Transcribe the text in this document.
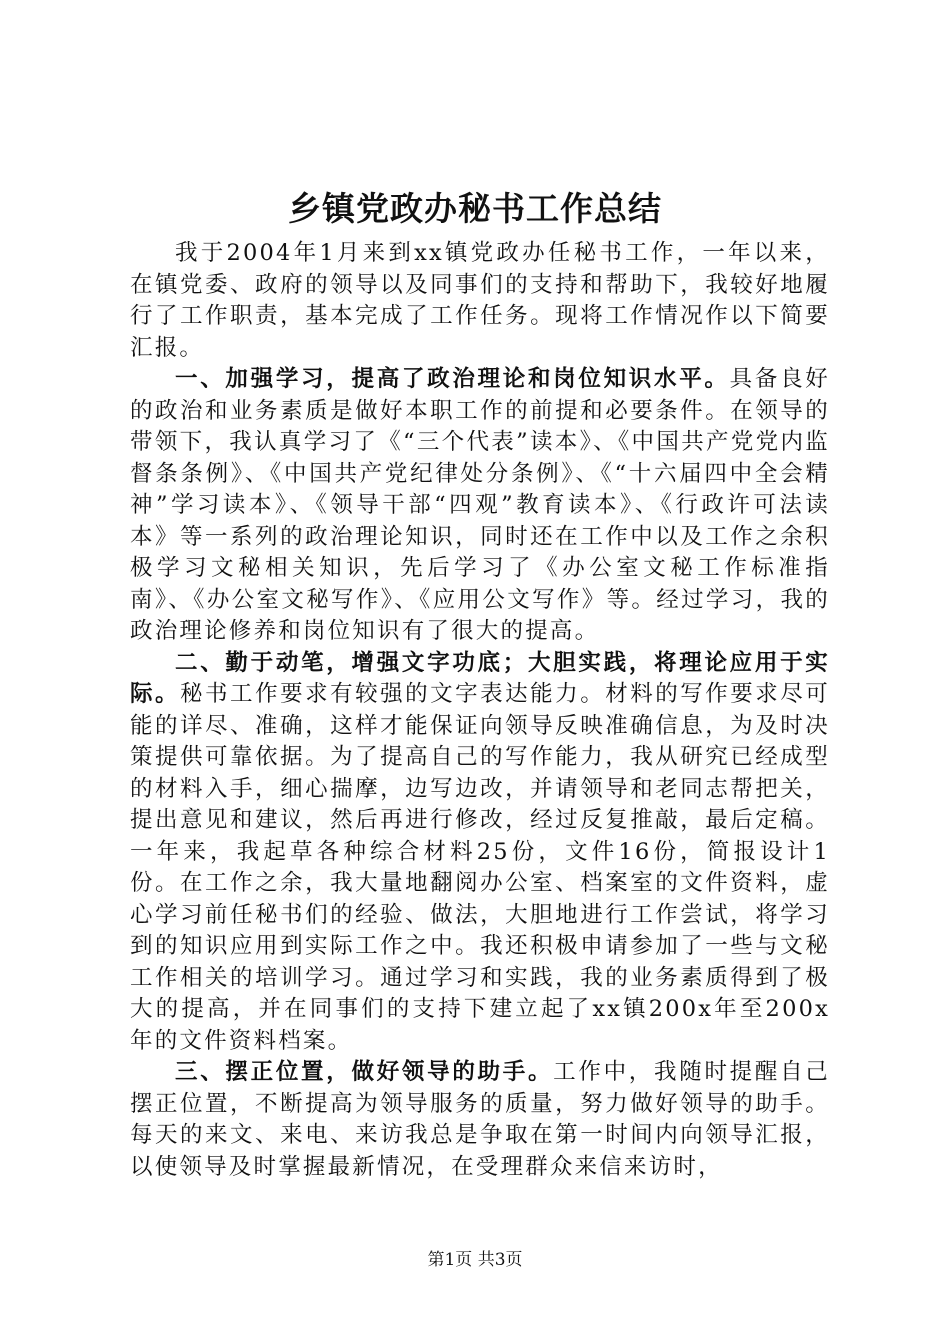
乡镇党政办秘书工作总结

我于2004年1月来到xx镇党政办任秘书工作，一年以来，在镇党委、政府的领导以及同事们的支持和帮助下，我较好地履行了工作职责，基本完成了工作任务。现将工作情况作以下简要汇报。

一、加强学习，提高了政治理论和岗位知识水平。具备良好的政治和业务素质是做好本职工作的前提和必要条件。在领导的带领下，我认真学习了《“三个代表”读本》、《中国共产党党内监督条条例》、《中国共产党纪律处分条例》、《“十六届四中全会精神”学习读本》、《领导干部“四观”教育读本》、《行政许可法读本》等一系列的政治理论知识，同时还在工作中以及工作之余积极学习文秘相关知识，先后学习了《办公室文秘工作标准指南》、《办公室文秘写作》、《应用公文写作》等。经过学习，我的政治理论修养和岗位知识有了很大的提高。

二、勤于动笔，增强文字功底；大胆实践，将理论应用于实际。秘书工作要求有较强的文字表达能力。材料的写作要求尽可能的详尽、准确，这样才能保证向领导反映准确信息，为及时决策提供可靠依据。为了提高自己的写作能力，我从研究已经成型的材料入手，细心揣摩，边写边改，并请领导和老同志帮把关，提出意见和建议，然后再进行修改，经过反复推敲，最后定稿。一年来，我起草各种综合材料25份，文件16份，简报设计1份。在工作之余，我大量地翻阅办公室、档案室的文件资料，虚心学习前任秘书们的经验、做法，大胆地进行工作尝试，将学习到的知识应用到实际工作之中。我还积极申请参加了一些与文秘工作相关的培训学习。通过学习和实践，我的业务素质得到了极大的提高，并在同事们的支持下建立起了xx镇200x年至200x年的文件资料档案。

三、摆正位置，做好领导的助手。工作中，我随时提醒自己摆正位置，不断提高为领导服务的质量，努力做好领导的助手。每天的来文、来电、来访我总是争取在第一时间内向领导汇报，以使领导及时掌握最新情况，在受理群众来信来访时，

第1页 共3页
